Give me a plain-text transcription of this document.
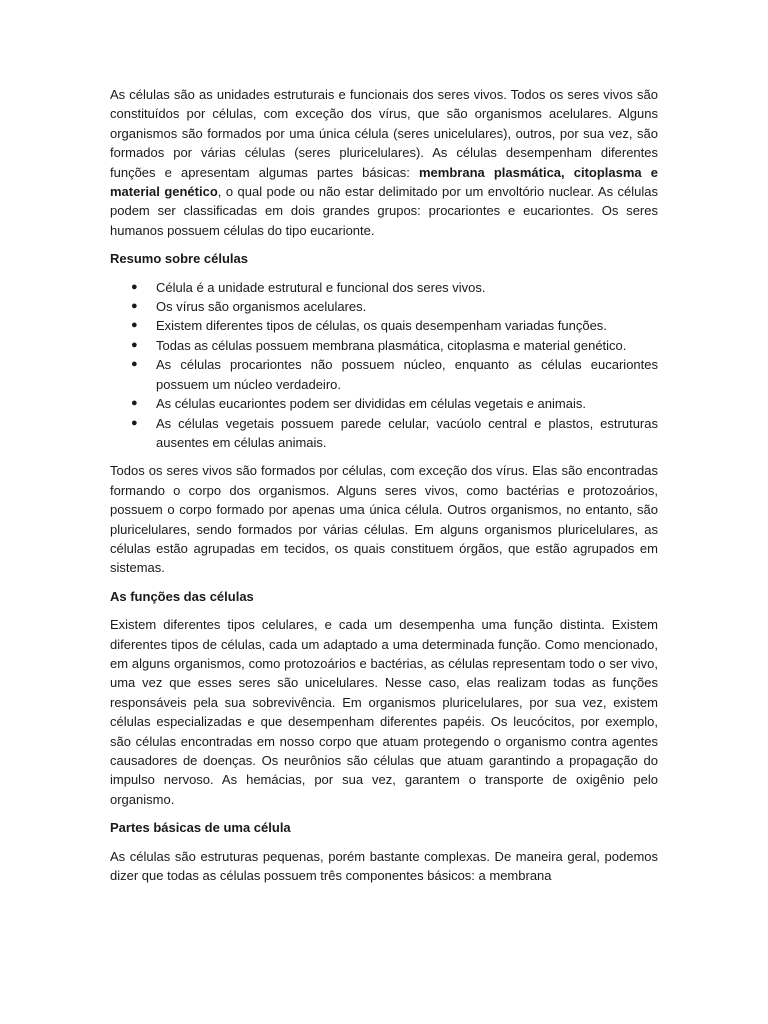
As células são as unidades estruturais e funcionais dos seres vivos. Todos os seres vivos são constituídos por células, com exceção dos vírus, que são organismos acelulares. Alguns organismos são formados por uma única célula (seres unicelulares), outros, por sua vez, são formados por várias células (seres pluricelulares). As células desempenham diferentes funções e apresentam algumas partes básicas: membrana plasmática, citoplasma e material genético, o qual pode ou não estar delimitado por um envoltório nuclear. As células podem ser classificadas em dois grandes grupos: procariontes e eucariontes. Os seres humanos possuem células do tipo eucarionte.

Resumo sobre células
● Célula é a unidade estrutural e funcional dos seres vivos.
● Os vírus são organismos acelulares.
● Existem diferentes tipos de células, os quais desempenham variadas funções.
● Todas as células possuem membrana plasmática, citoplasma e material genético.
● As células procariontes não possuem núcleo, enquanto as células eucariontes possuem um núcleo verdadeiro.
● As células eucariontes podem ser divididas em células vegetais e animais.
● As células vegetais possuem parede celular, vacúolo central e plastos, estruturas ausentes em células animais.

Todos os seres vivos são formados por células, com exceção dos vírus. Elas são encontradas formando o corpo dos organismos. Alguns seres vivos, como bactérias e protozoários, possuem o corpo formado por apenas uma única célula. Outros organismos, no entanto, são pluricelulares, sendo formados por várias células. Em alguns organismos pluricelulares, as células estão agrupadas em tecidos, os quais constituem órgãos, que estão agrupados em sistemas.

As funções das células

Existem diferentes tipos celulares, e cada um desempenha uma função distinta. Existem diferentes tipos de células, cada um adaptado a uma determinada função. Como mencionado, em alguns organismos, como protozoários e bactérias, as células representam todo o ser vivo, uma vez que esses seres são unicelulares. Nesse caso, elas realizam todas as funções responsáveis pela sua sobrevivência. Em organismos pluricelulares, por sua vez, existem células especializadas e que desempenham diferentes papéis. Os leucócitos, por exemplo, são células encontradas em nosso corpo que atuam protegendo o organismo contra agentes causadores de doenças. Os neurônios são células que atuam garantindo a propagação do impulso nervoso. As hemácias, por sua vez, garantem o transporte de oxigênio pelo organismo.

Partes básicas de uma célula

As células são estruturas pequenas, porém bastante complexas. De maneira geral, podemos dizer que todas as células possuem três componentes básicos: a membrana
